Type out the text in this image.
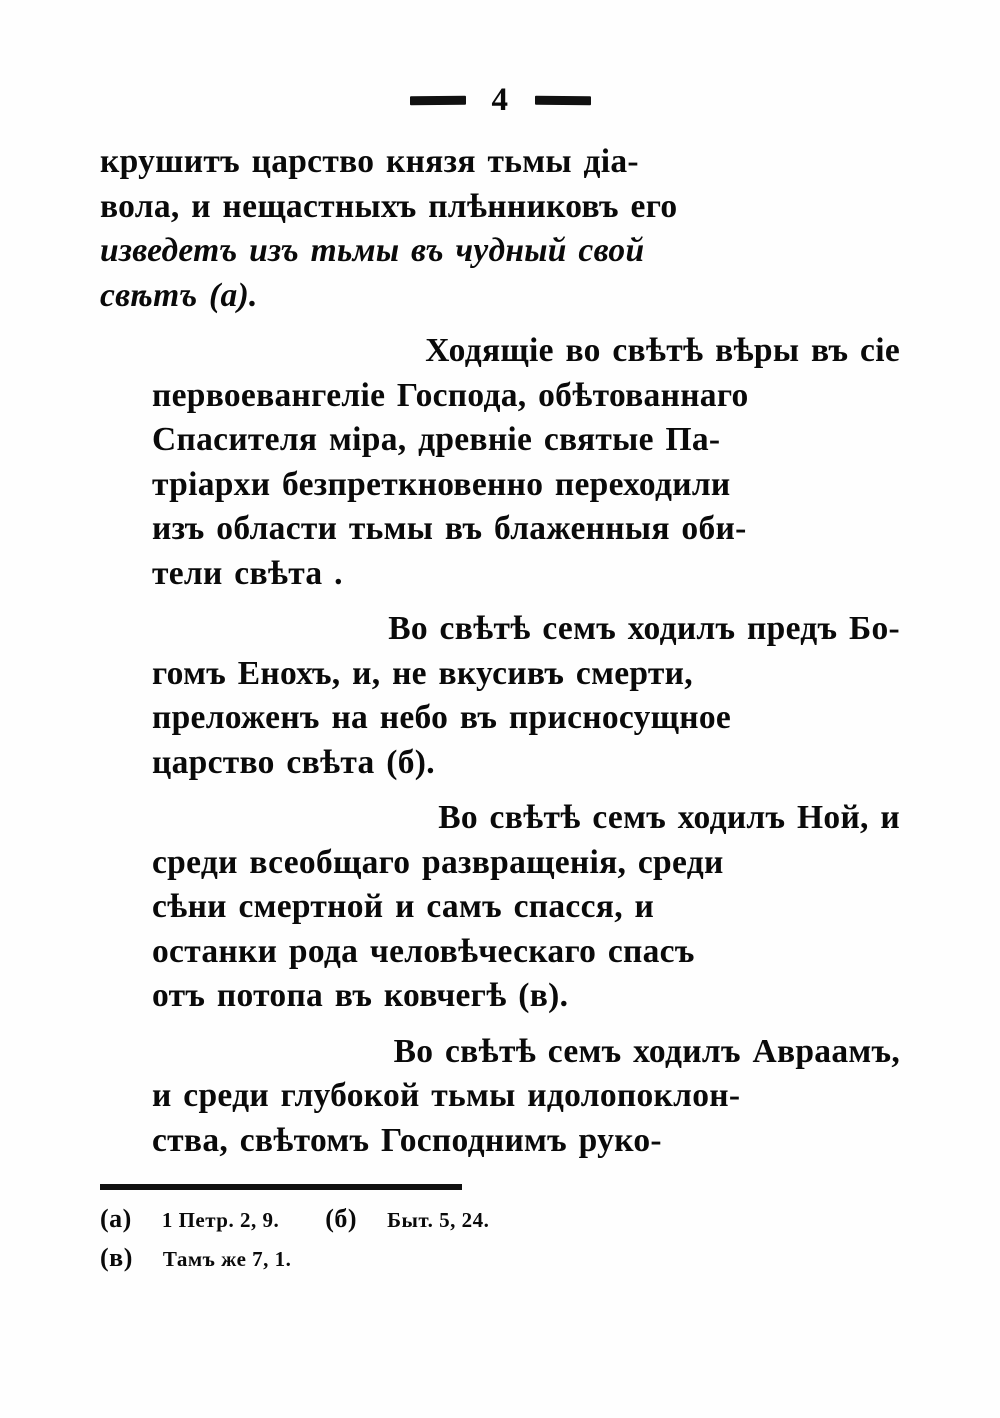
4
крушитъ царство князя тьмы діа-
вола, и нещастныхъ плѣнниковъ его
изведетъ изъ тьмы въ чудный свой
свѣтъ (а).
Ходящіе во свѣтѣ вѣры въ сіе
первоевангеліе Господа, обѣтованнаго
Спасителя міра, древніе святые Па-
тріархи безпреткновенно переходили
изъ области тьмы въ блаженныя оби-
тели свѣта .
Во свѣтѣ семъ ходилъ предъ Бо-
гомъ Енохъ, и, не вкусивъ смерти,
преложенъ на небо въ присносущное
царство свѣта (б).
Во свѣтѣ семъ ходилъ Ной, и
среди всеобщаго развращенія, среди
сѣни смертной и самъ спасся, и
останки рода человѣческаго спасъ
отъ потопа въ ковчегѣ (в).
Во свѣтѣ семъ ходилъ Авраамъ,
и среди глубокой тьмы идолопоклон-
ства, свѣтомъ Господнимъ руко-
(а) 1 Петр. 2, 9. (б) Быт. 5, 24.
(в) Тамъ же 7, 1.
